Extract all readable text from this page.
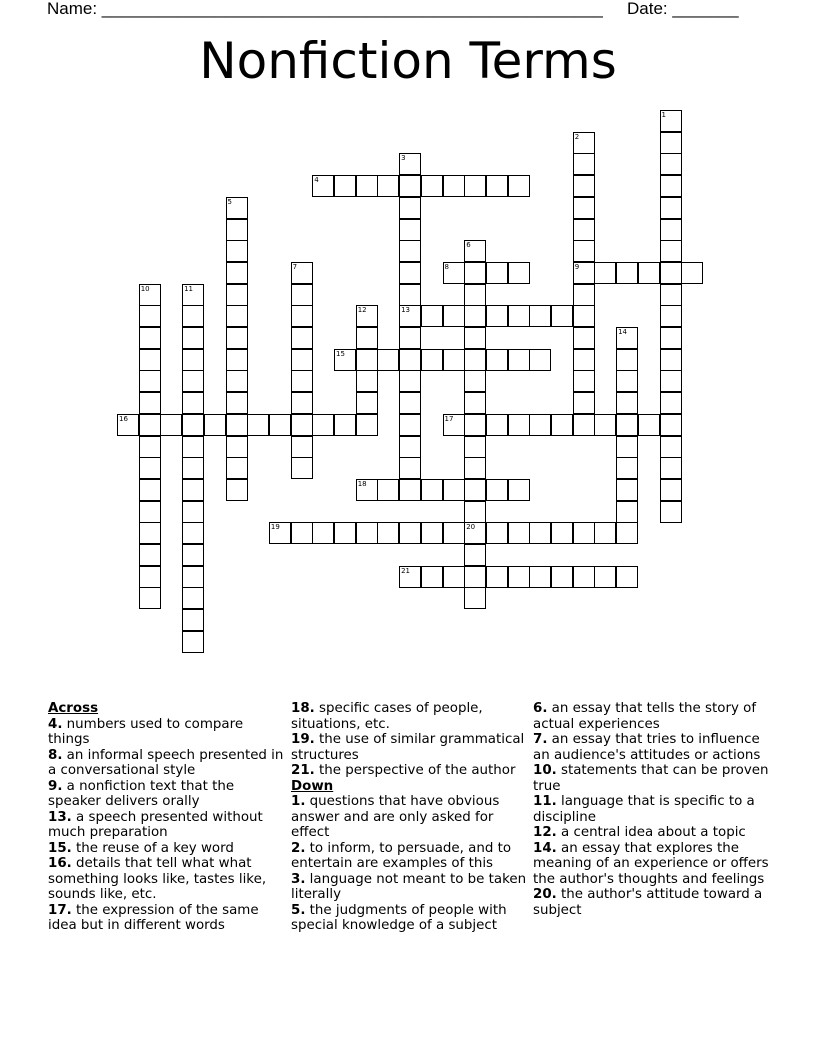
Name: _____________________________________________________ Date: _______
Nonfiction Terms
1
2
3
4
5
6
7	8	9
10	11
12	13
14
15
16	17
18
19	20
21
Across

4. numbers used to compare things

8. an informal speech presented in a conversational style

9. a nonfiction text that the speaker delivers orally

13. a speech presented without much preparation

15. the reuse of a key word

16. details that tell what what something looks like, tastes like, sounds like, etc.

17. the expression of the same idea but in different words

18. specific cases of people, situations, etc.

19. the use of similar grammatical structures

21. the perspective of the author

Down

1. questions that have obvious answer and are only asked for effect

2. to inform, to persuade, and to entertain are examples of this

3. language not meant to be taken literally

5. the judgments of people with special knowledge of a subject

6. an essay that tells the story of actual experiences

7. an essay that tries to influence an audience's attitudes or actions

10. statements that can be proven true

11. language that is specific to a discipline

12. a central idea about a topic

14. an essay that explores the meaning of an experience or offers the author's thoughts and feelings

20. the author's attitude toward a subject
